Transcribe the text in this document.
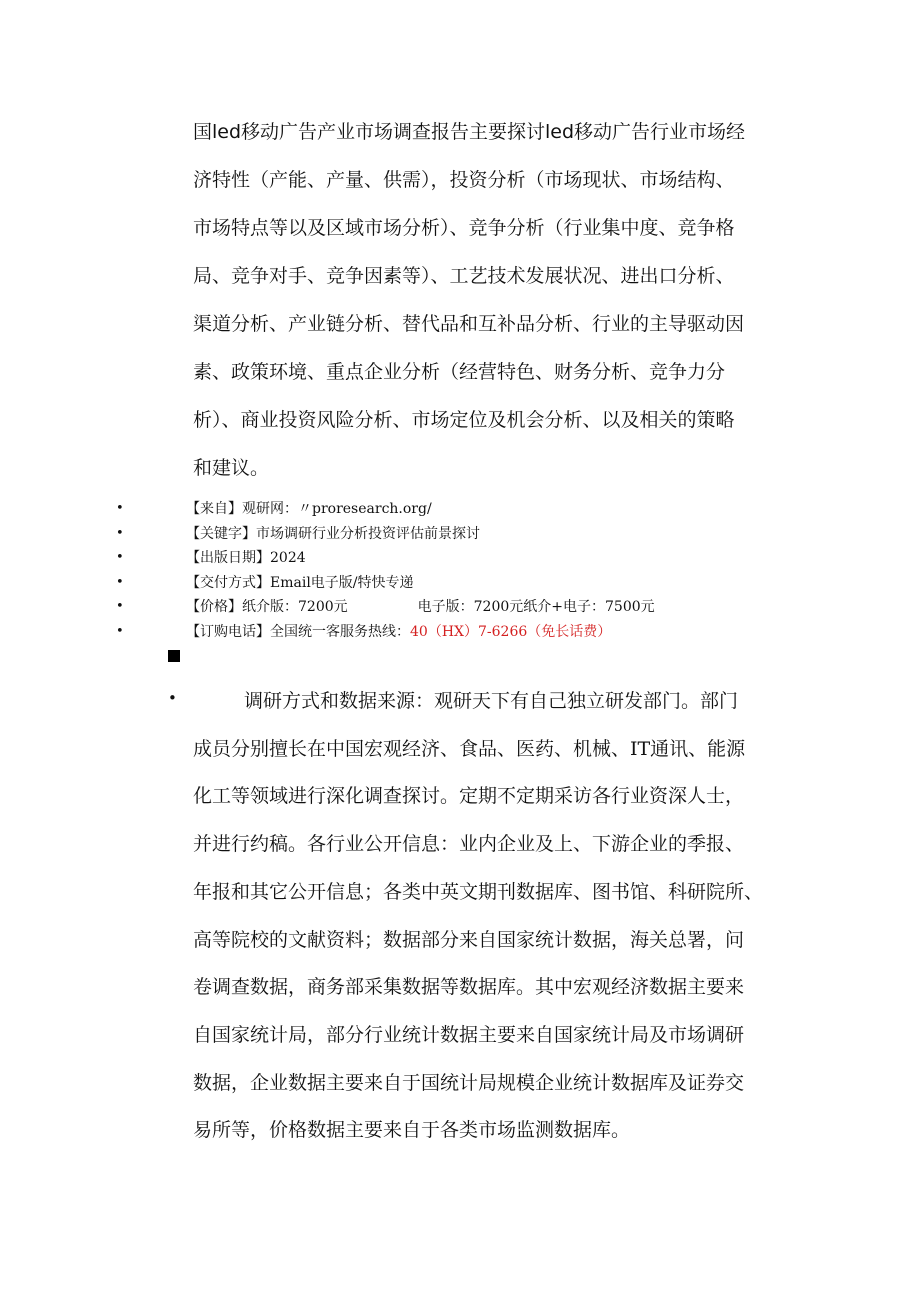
国led移动广告产业市场调查报告主要探讨led移动广告行业市场经
济特性（产能、产量、供需），投资分析（市场现状、市场结构、
市场特点等以及区域市场分析）、竞争分析（行业集中度、竞争格
局、竞争对手、竞争因素等）、工艺技术发展状况、进出口分析、
渠道分析、产业链分析、替代品和互补品分析、行业的主导驱动因
素、政策环境、重点企业分析（经营特色、财务分析、竞争力分
析）、商业投资风险分析、市场定位及机会分析、以及相关的策略
和建议。
•	【来自】观研网：〃proresearch.org/
•	【关键字】市场调研行业分析投资评估前景探讨
•	【出版日期】2024
•	【交付方式】Email电子版/特快专递
•	【价格】纸介版：7200元	电子版：7200元纸介+电子：7500元
•	【订购电话】全国统一客服务热线：40（HX）7-6266（免长话费）
•	调研方式和数据来源：观研天下有自己独立研发部门。部门
成员分别擅长在中国宏观经济、食品、医药、机械、IT通讯、能源
化工等领域进行深化调查探讨。定期不定期采访各行业资深人士，
并进行约稿。各行业公开信息：业内企业及上、下游企业的季报、
年报和其它公开信息；各类中英文期刊数据库、图书馆、科研院所、
高等院校的文献资料；数据部分来自国家统计数据，海关总署，问
卷调查数据，商务部采集数据等数据库。其中宏观经济数据主要来
自国家统计局，部分行业统计数据主要来自国家统计局及市场调研
数据，企业数据主要来自于国统计局规模企业统计数据库及证券交
易所等，价格数据主要来自于各类市场监测数据库。
